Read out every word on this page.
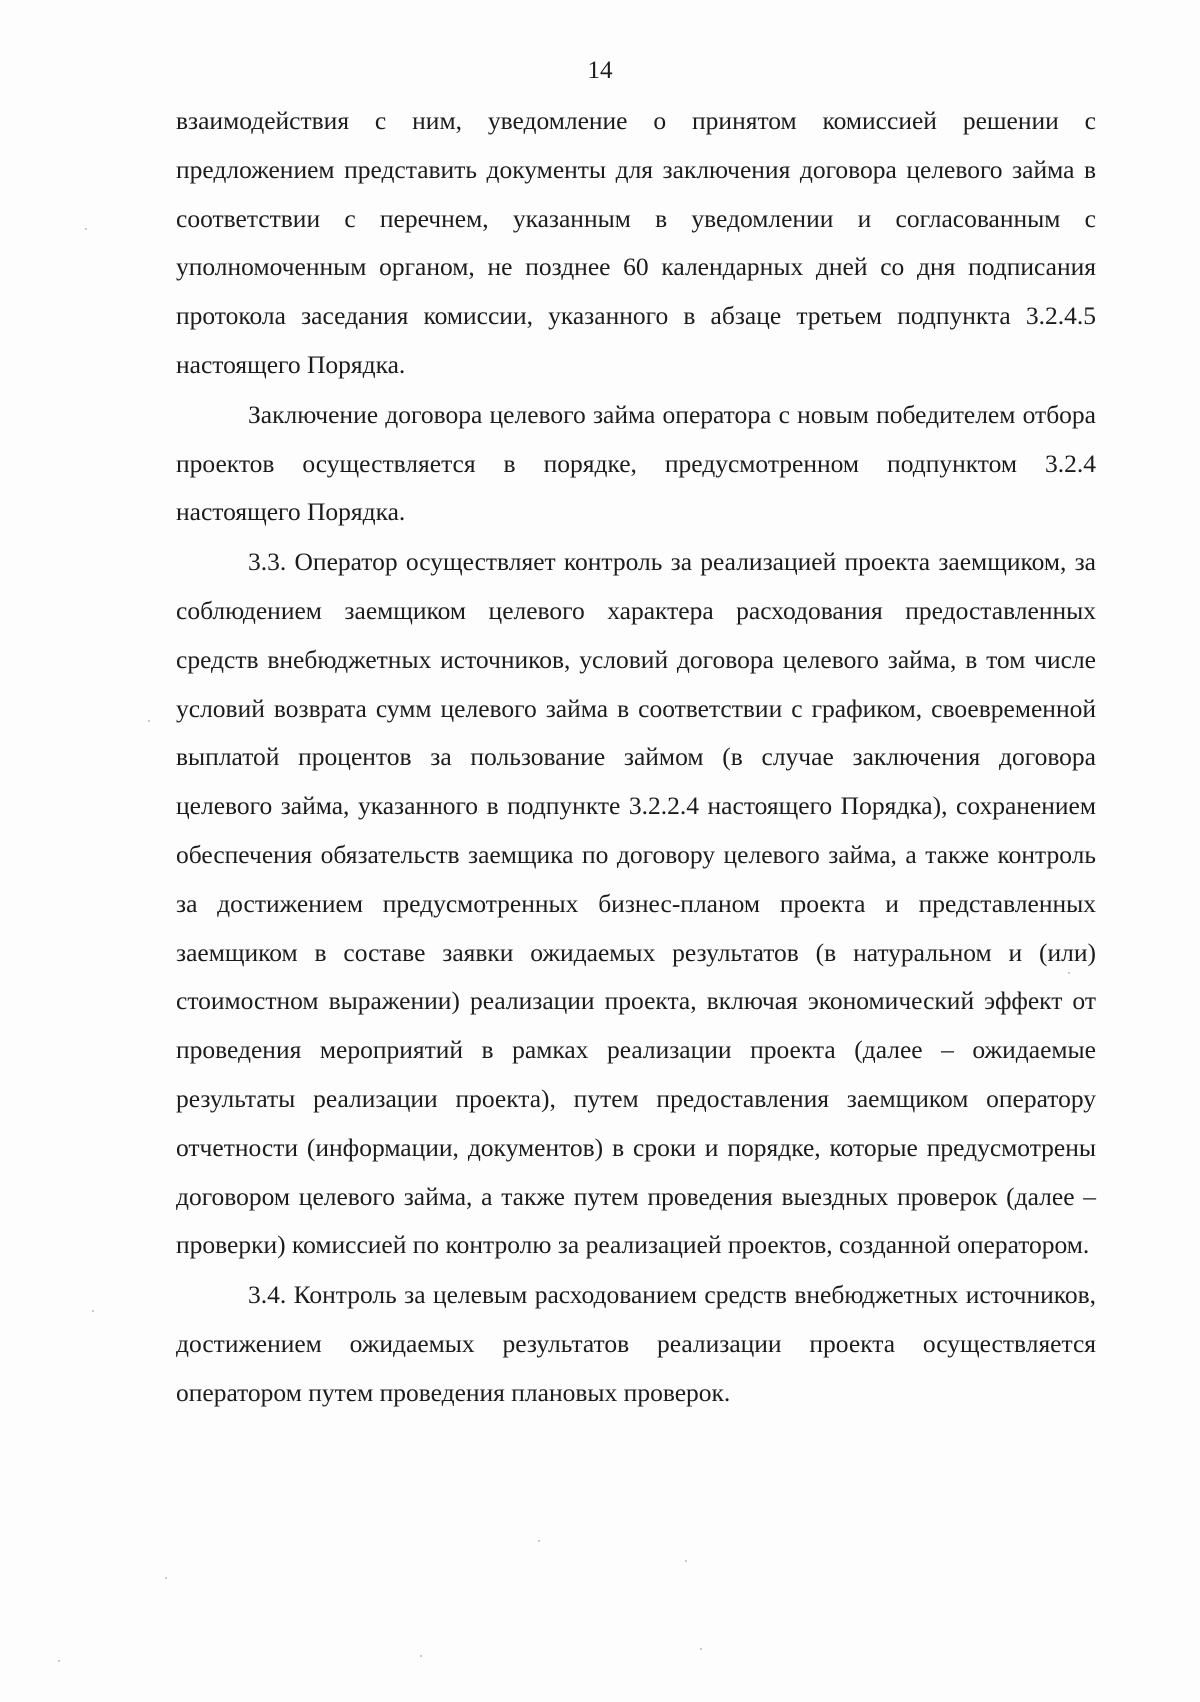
14

взаимодействия с ним, уведомление о принятом комиссией решении с предложением представить документы для заключения договора целевого займа в соответствии с перечнем, указанным в уведомлении и согласованным с уполномоченным органом, не позднее 60 календарных дней со дня подписания протокола заседания комиссии, указанного в абзаце третьем подпункта 3.2.4.5 настоящего Порядка.

Заключение договора целевого займа оператора с новым победителем отбора проектов осуществляется в порядке, предусмотренном подпунктом 3.2.4 настоящего Порядка.

3.3. Оператор осуществляет контроль за реализацией проекта заемщиком, за соблюдением заемщиком целевого характера расходования предоставленных средств внебюджетных источников, условий договора целевого займа, в том числе условий возврата сумм целевого займа в соответствии с графиком, своевременной выплатой процентов за пользование займом (в случае заключения договора целевого займа, указанного в подпункте 3.2.2.4 настоящего Порядка), сохранением обеспечения обязательств заемщика по договору целевого займа, а также контроль за достижением предусмотренных бизнес-планом проекта и представленных заемщиком в составе заявки ожидаемых результатов (в натуральном и (или) стоимостном выражении) реализации проекта, включая экономический эффект от проведения мероприятий в рамках реализации проекта (далее – ожидаемые результаты реализации проекта), путем предоставления заемщиком оператору отчетности (информации, документов) в сроки и порядке, которые предусмотрены договором целевого займа, а также путем проведения выездных проверок (далее – проверки) комиссией по контролю за реализацией проектов, созданной оператором.

3.4. Контроль за целевым расходованием средств внебюджетных источников, достижением ожидаемых результатов реализации проекта осуществляется оператором путем проведения плановых проверок.
